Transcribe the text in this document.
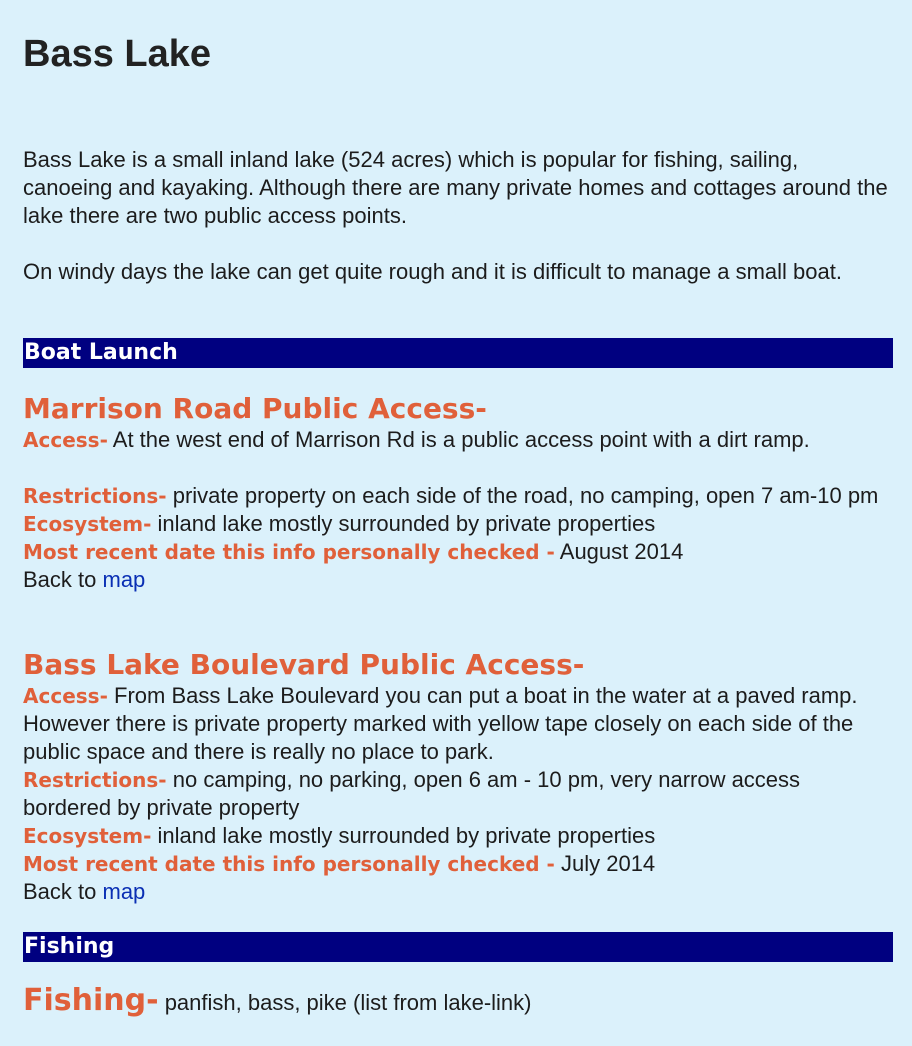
Bass Lake

Bass Lake is a small inland lake (524 acres) which is popular for fishing, sailing, canoeing and kayaking. Although there are many private homes and cottages around the lake there are two public access points.

On windy days the lake can get quite rough and it is difficult to manage a small boat.

Boat Launch

Marrison Road Public Access-

Access- At the west end of Marrison Rd is a public access point with a dirt ramp.

Restrictions- private property on each side of the road, no camping, open 7 am-10 pm

Ecosystem- inland lake mostly surrounded by private properties

Most recent date this info personally checked - August 2014

Back to map

Bass Lake Boulevard Public Access-

Access- From Bass Lake Boulevard you can put a boat in the water at a paved ramp. However there is private property marked with yellow tape closely on each side of the public space and there is really no place to park.

Restrictions- no camping, no parking, open 6 am - 10 pm, very narrow access bordered by private property

Ecosystem- inland lake mostly surrounded by private properties

Most recent date this info personally checked - July 2014

Back to map

Fishing

Fishing- panfish, bass, pike (list from lake-link)
